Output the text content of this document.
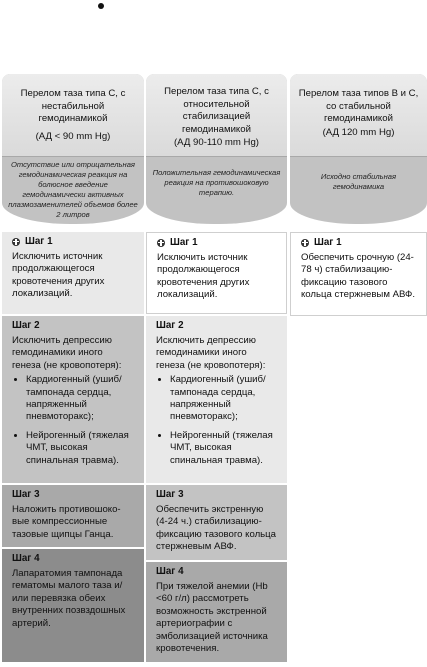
Перелом таза типа C, с нестабильной гемодинамикой
(АД < 90 mm Hg)
Отсутствие или отрицательная гемодинамическая реакция на болюсное введение гемодинамически активных плазмозаменителей объемов более 2 литров
Перелом таза типа C, с относительной стабилизацией гемодинамикой
(АД 90-110 mm Hg)
Положительная гемодинамическая реакция на противошоковую терапию.
Перелом таза типов B и C, со стабильной гемодинамикой
(АД 120 mm Hg)
Исходно стабильная гемодинамика
Шаг 1
Исключить источник продолжающегося кровотечения других локализаций.
Шаг 2
Исключить депрессию гемодинамики иного генеза (не кровопотеря):
• Кардиогенный (ушиб/ тампонада сердца, напряженный пневмоторакс);
• Нейрогенный (тяжелая ЧМТ, высокая спинальная травма).
Шаг 3
Наложить противошоко- вые компрессионные тазовые щипцы Ганца.
Шаг 4
Лапаратомия тампонада гематомы малого таза и/или перевязка обеих внутренних позвздошных артерий.
Шаг 1
Исключить источник продолжающегося кровотечения других локализаций.
Шаг 2
Исключить депрессию гемодинамики иного генеза (не кровопотеря):
• Кардиогенный (ушиб/ тампонада сердца, напряженный пневмоторакс);
• Нейрогенный (тяжелая ЧМТ, высокая спинальная травма).
Шаг 3
Обеспечить экстренную (4-24 ч.) стабилизацию- фиксацию тазового кольца стержневым АВФ.
Шаг 4
При тяжелой анемии (Hb <60 г/л) рассмотреть возможность экстренной артериографии с эмболизацией источника кровотечения.
Шаг 1
Обеспечить срочную (24-78 ч) стабилизацию- фиксацию тазового кольца стержневым АВФ.
